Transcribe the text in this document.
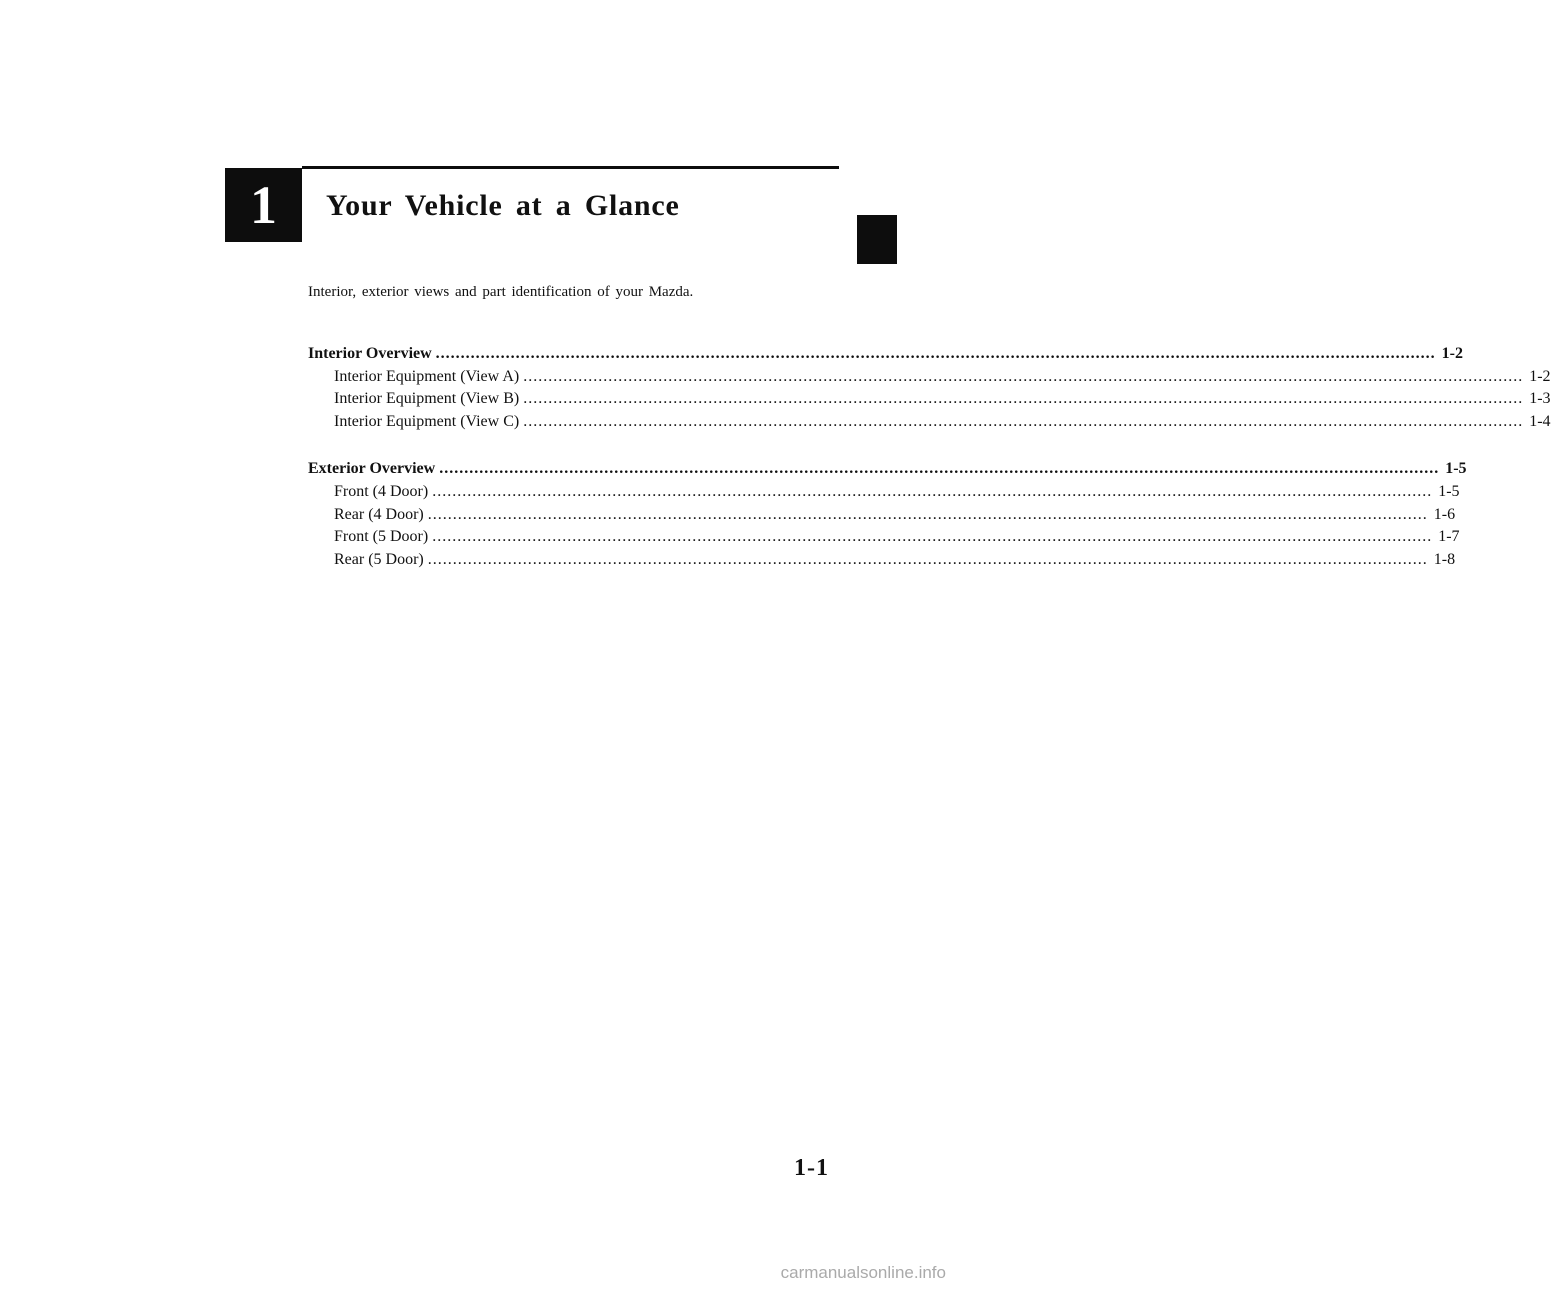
1 Your Vehicle at a Glance
Interior, exterior views and part identification of your Mazda.
Interior Overview ........................................................................................................................................................................................................ 1-2
Interior Equipment (View A) ........................................................................................................................................................................................................ 1-2
Interior Equipment (View B) ........................................................................................................................................................................................................ 1-3
Interior Equipment (View C) ........................................................................................................................................................................................................ 1-4
Exterior Overview ........................................................................................................................................................................................................ 1-5
Front (4 Door) ........................................................................................................................................................................................................ 1-5
Rear (4 Door) ........................................................................................................................................................................................................ 1-6
Front (5 Door) ........................................................................................................................................................................................................ 1-7
Rear (5 Door) ........................................................................................................................................................................................................ 1-8
1-1
carmanualsonline.info
